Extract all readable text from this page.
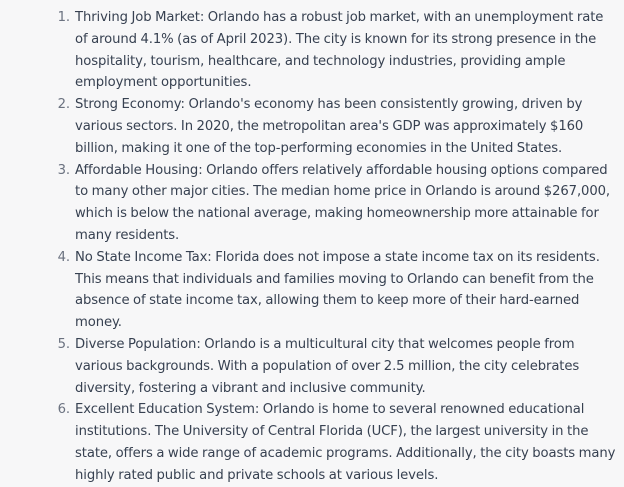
1. Thriving Job Market: Orlando has a robust job market, with an unemployment rate of around 4.1% (as of April 2023). The city is known for its strong presence in the hospitality, tourism, healthcare, and technology industries, providing ample employment opportunities.
2. Strong Economy: Orlando's economy has been consistently growing, driven by various sectors. In 2020, the metropolitan area's GDP was approximately $160 billion, making it one of the top-performing economies in the United States.
3. Affordable Housing: Orlando offers relatively affordable housing options compared to many other major cities. The median home price in Orlando is around $267,000, which is below the national average, making homeownership more attainable for many residents.
4. No State Income Tax: Florida does not impose a state income tax on its residents. This means that individuals and families moving to Orlando can benefit from the absence of state income tax, allowing them to keep more of their hard-earned money.
5. Diverse Population: Orlando is a multicultural city that welcomes people from various backgrounds. With a population of over 2.5 million, the city celebrates diversity, fostering a vibrant and inclusive community.
6. Excellent Education System: Orlando is home to several renowned educational institutions. The University of Central Florida (UCF), the largest university in the state, offers a wide range of academic programs. Additionally, the city boasts many highly rated public and private schools at various levels.
